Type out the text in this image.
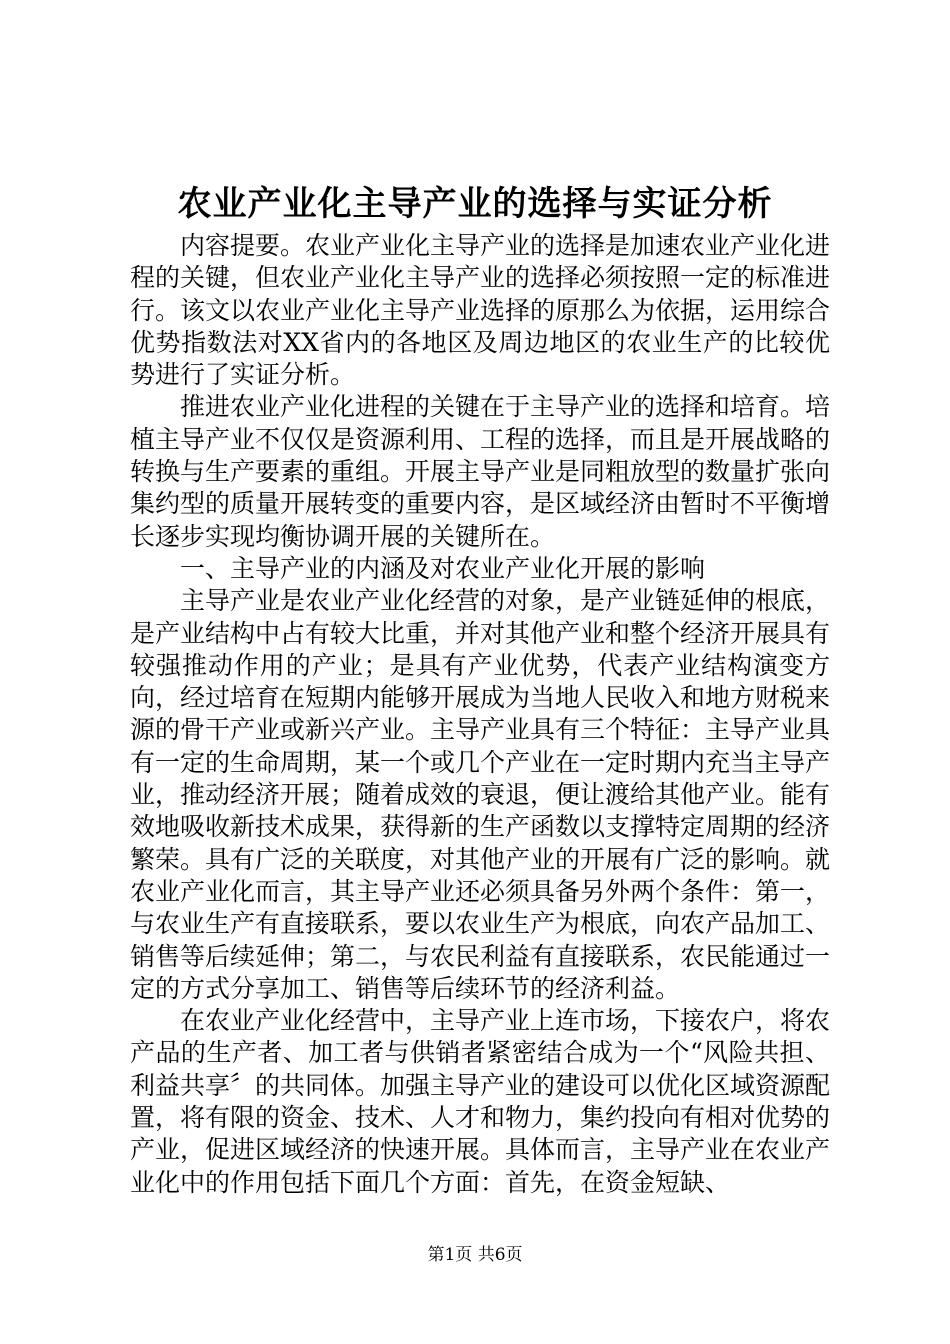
农业产业化主导产业的选择与实证分析

内容提要。农业产业化主导产业的选择是加速农业产业化进程的关键，但农业产业化主导产业的选择必须按照一定的标准进行。该文以农业产业化主导产业选择的原那么为依据，运用综合优势指数法对XX省内的各地区及周边地区的农业生产的比较优势进行了实证分析。

推进农业产业化进程的关键在于主导产业的选择和培育。培植主导产业不仅仅是资源利用、工程的选择，而且是开展战略的转换与生产要素的重组。开展主导产业是同粗放型的数量扩张向集约型的质量开展转变的重要内容，是区域经济由暂时不平衡增长逐步实现均衡协调开展的关键所在。

一、主导产业的内涵及对农业产业化开展的影响

主导产业是农业产业化经营的对象，是产业链延伸的根底，是产业结构中占有较大比重，并对其他产业和整个经济开展具有较强推动作用的产业；是具有产业优势，代表产业结构演变方向，经过培育在短期内能够开展成为当地人民收入和地方财税来源的骨干产业或新兴产业。主导产业具有三个特征：主导产业具有一定的生命周期，某一个或几个产业在一定时期内充当主导产业，推动经济开展；随着成效的衰退，便让渡给其他产业。能有效地吸收新技术成果，获得新的生产函数以支撑特定周期的经济繁荣。具有广泛的关联度，对其他产业的开展有广泛的影响。就农业产业化而言，其主导产业还必须具备另外两个条件：第一，与农业生产有直接联系，要以农业生产为根底，向农产品加工、销售等后续延伸；第二，与农民利益有直接联系，农民能通过一定的方式分享加工、销售等后续环节的经济利益。

在农业产业化经营中，主导产业上连市场，下接农户，将农产品的生产者、加工者与供销者紧密结合成为一个“风险共担、利益共享〞的共同体。加强主导产业的建设可以优化区域资源配置，将有限的资金、技术、人才和物力，集约投向有相对优势的产业，促进区域经济的快速开展。具体而言，主导产业在农业产业化中的作用包括下面几个方面：首先，在资金短缺、

第1页 共6页
